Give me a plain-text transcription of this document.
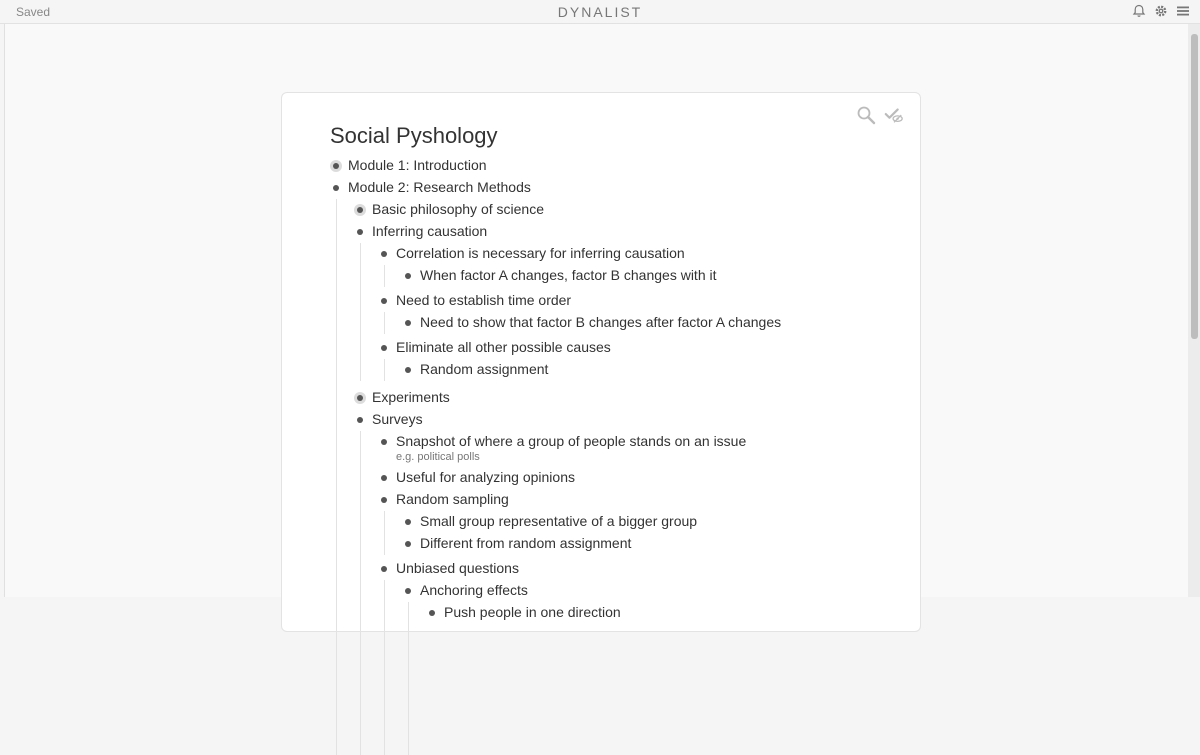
Saved	DYNALIST
Social Pyshology
Module 1: Introduction
Module 2: Research Methods
Basic philosophy of science
Inferring causation
Correlation is necessary for inferring causation
When factor A changes, factor B changes with it
Need to establish time order
Need to show that factor B changes after factor A changes
Eliminate all other possible causes
Random assignment
Experiments
Surveys
Snapshot of where a group of people stands on an issue
e.g. political polls
Useful for analyzing opinions
Random sampling
Small group representative of a bigger group
Different from random assignment
Unbiased questions
Anchoring effects
Push people in one direction
